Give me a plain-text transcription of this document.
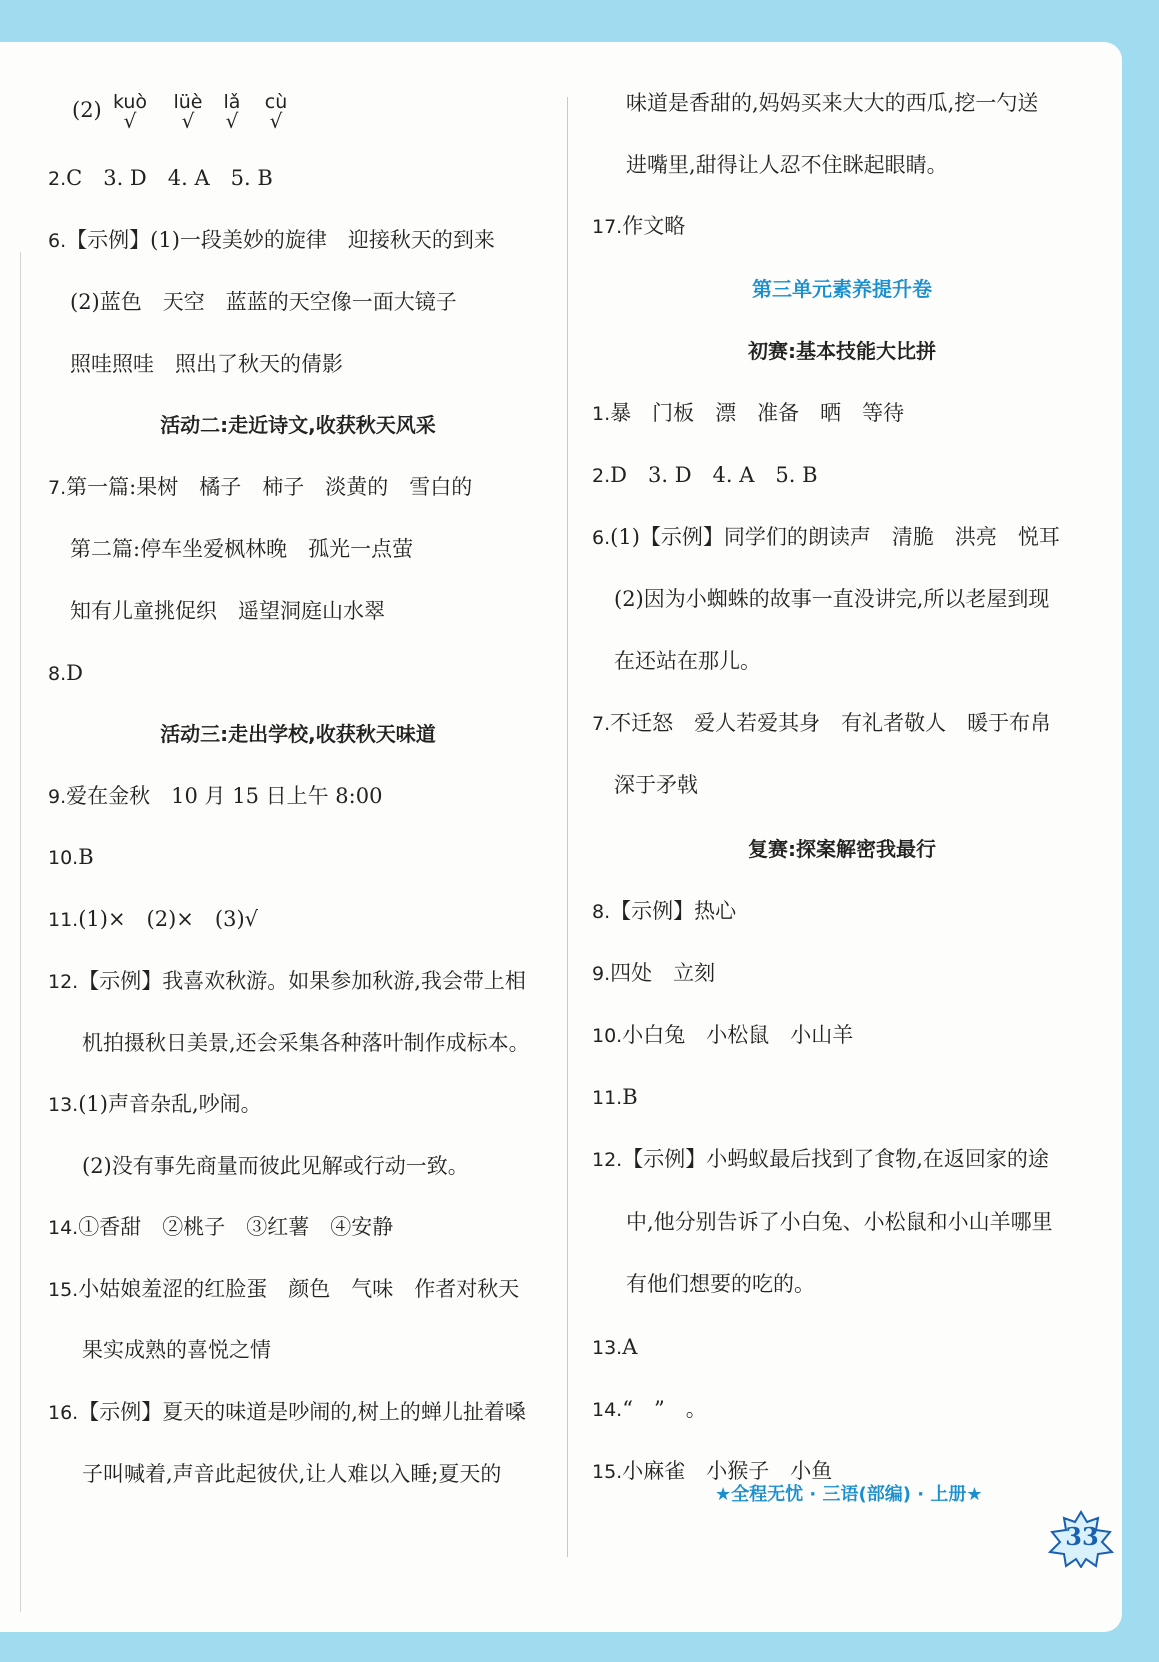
(2) kuò
√
lüè
√
lǎ
√
cù
√
2.C　3. D　4. A　5. B
6.【示例】(1)一段美妙的旋律　迎接秋天的到来
(2)蓝色　天空　蓝蓝的天空像一面大镜子
照哇照哇　照出了秋天的倩影
活动二:走近诗文,收获秋天风采
7.第一篇:果树　橘子　柿子　淡黄的　雪白的
第二篇:停车坐爱枫林晚　孤光一点萤
知有儿童挑促织　遥望洞庭山水翠
8.D
活动三:走出学校,收获秋天味道
9.爱在金秋　10 月 15 日上午 8:00
10.B
11.(1)×　(2)×　(3)√
12.【示例】我喜欢秋游。如果参加秋游,我会带上相
机拍摄秋日美景,还会采集各种落叶制作成标本。
13.(1)声音杂乱,吵闹。
(2)没有事先商量而彼此见解或行动一致。
14.①香甜　②桃子　③红薯　④安静
15.小姑娘羞涩的红脸蛋　颜色　气味　作者对秋天
果实成熟的喜悦之情
16.【示例】夏天的味道是吵闹的,树上的蝉儿扯着嗓
子叫喊着,声音此起彼伏,让人难以入睡;夏天的
味道是香甜的,妈妈买来大大的西瓜,挖一勺送
进嘴里,甜得让人忍不住眯起眼睛。
17.作文略
第三单元素养提升卷
初赛:基本技能大比拼
1.暴　门板　漂　准备　晒　等待
2.D　3. D　4. A　5. B
6.(1)【示例】同学们的朗读声　清脆　洪亮　悦耳
(2)因为小蜘蛛的故事一直没讲完,所以老屋到现
在还站在那儿。
7.不迁怒　爱人若爱其身　有礼者敬人　暖于布帛
深于矛戟
复赛:探案解密我最行
8.【示例】热心
9.四处　立刻
10.小白兔　小松鼠　小山羊
11.B
12.【示例】小蚂蚁最后找到了食物,在返回家的途
中,他分别告诉了小白兔、小松鼠和小山羊哪里
有他们想要的吃的。
13.A
14.“　”　。
15.小麻雀　小猴子　小鱼
★全程无忧 · 三语(部编) · 上册★
33
